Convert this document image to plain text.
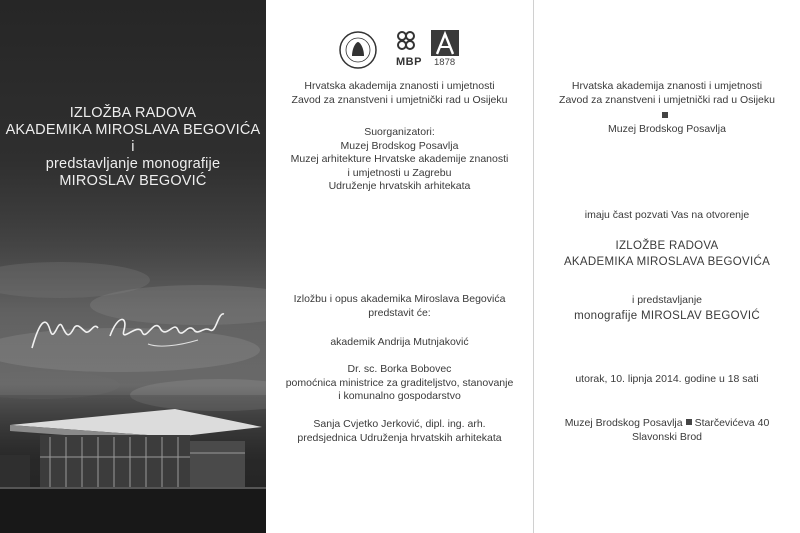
IZLOŽBA RADOVA
AKADEMIKA MIROSLAVA BEGOVIĆA
i
predstavljanje monografije
MIROSLAV BEGOVIĆ
MBP 1878
Hrvatska akademija znanosti i umjetnosti
Zavod za znanstveni i umjetnički rad u Osijeku
Suorganizatori:
Muzej Brodskog Posavlja
Muzej arhitekture Hrvatske akademije znanosti
i umjetnosti u Zagrebu
Udruženje hrvatskih arhitekata
Izložbu i opus akademika Miroslava Begovića
predstavit će:
akademik Andrija Mutnjaković
Dr. sc. Borka Bobovec
pomoćnica ministrice za graditeljstvo, stanovanje
i komunalno gospodarstvo
Sanja Cvjetko Jerković, dipl. ing. arh.
predsjednica Udruženja hrvatskih arhitekata
Hrvatska akademija znanosti i umjetnosti
Zavod za znanstveni i umjetnički rad u Osijeku
Muzej Brodskog Posavlja
imaju čast pozvati Vas na otvorenje
IZLOŽBE RADOVA
AKADEMIKA MIROSLAVA BEGOVIĆA
i predstavljanje
monografije MIROSLAV BEGOVIĆ
utorak, 10. lipnja 2014. godine u 18 sati
Muzej Brodskog Posavlja Starčevićeva 40
Slavonski Brod
